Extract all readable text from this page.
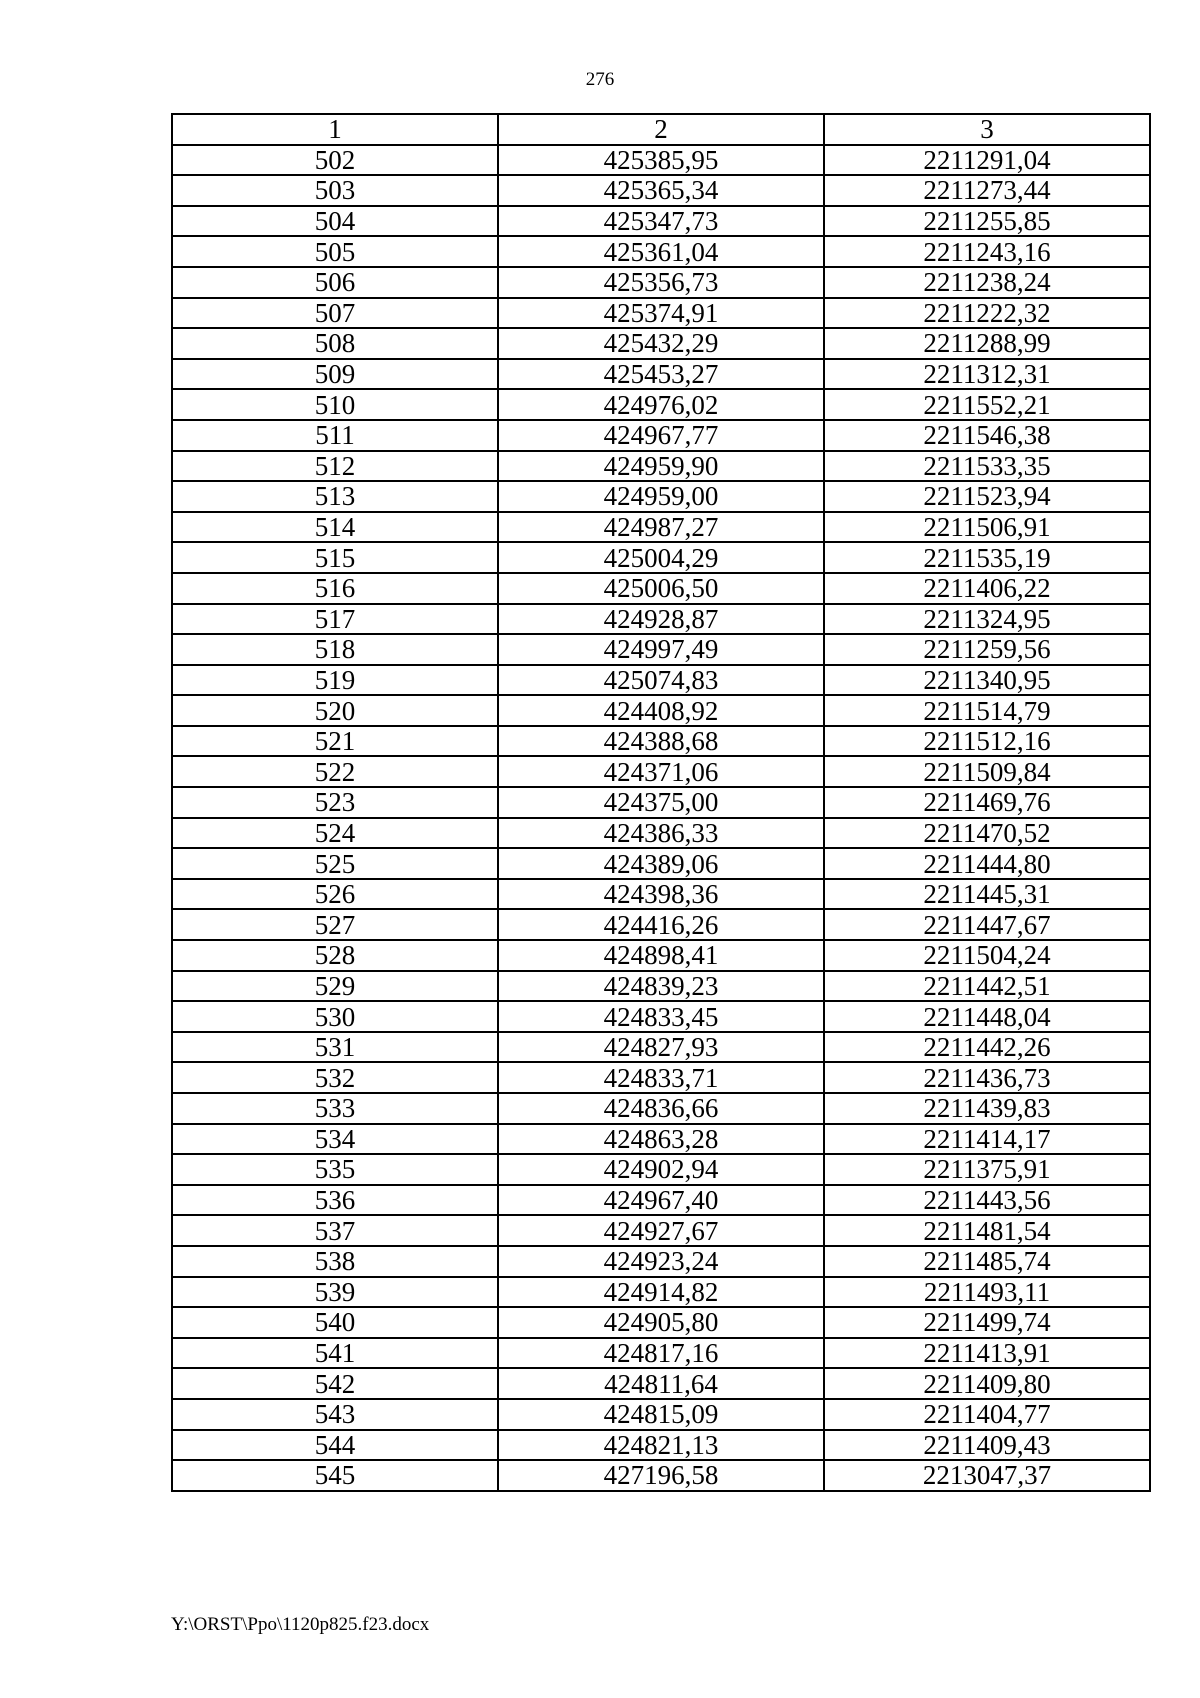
276
1	2	3
502	425385,95	2211291,04
503	425365,34	2211273,44
504	425347,73	2211255,85
505	425361,04	2211243,16
506	425356,73	2211238,24
507	425374,91	2211222,32
508	425432,29	2211288,99
509	425453,27	2211312,31
510	424976,02	2211552,21
511	424967,77	2211546,38
512	424959,90	2211533,35
513	424959,00	2211523,94
514	424987,27	2211506,91
515	425004,29	2211535,19
516	425006,50	2211406,22
517	424928,87	2211324,95
518	424997,49	2211259,56
519	425074,83	2211340,95
520	424408,92	2211514,79
521	424388,68	2211512,16
522	424371,06	2211509,84
523	424375,00	2211469,76
524	424386,33	2211470,52
525	424389,06	2211444,80
526	424398,36	2211445,31
527	424416,26	2211447,67
528	424898,41	2211504,24
529	424839,23	2211442,51
530	424833,45	2211448,04
531	424827,93	2211442,26
532	424833,71	2211436,73
533	424836,66	2211439,83
534	424863,28	2211414,17
535	424902,94	2211375,91
536	424967,40	2211443,56
537	424927,67	2211481,54
538	424923,24	2211485,74
539	424914,82	2211493,11
540	424905,80	2211499,74
541	424817,16	2211413,91
542	424811,64	2211409,80
543	424815,09	2211404,77
544	424821,13	2211409,43
545	427196,58	2213047,37
Y:\ORST\Ppo\1120p825.f23.docx
